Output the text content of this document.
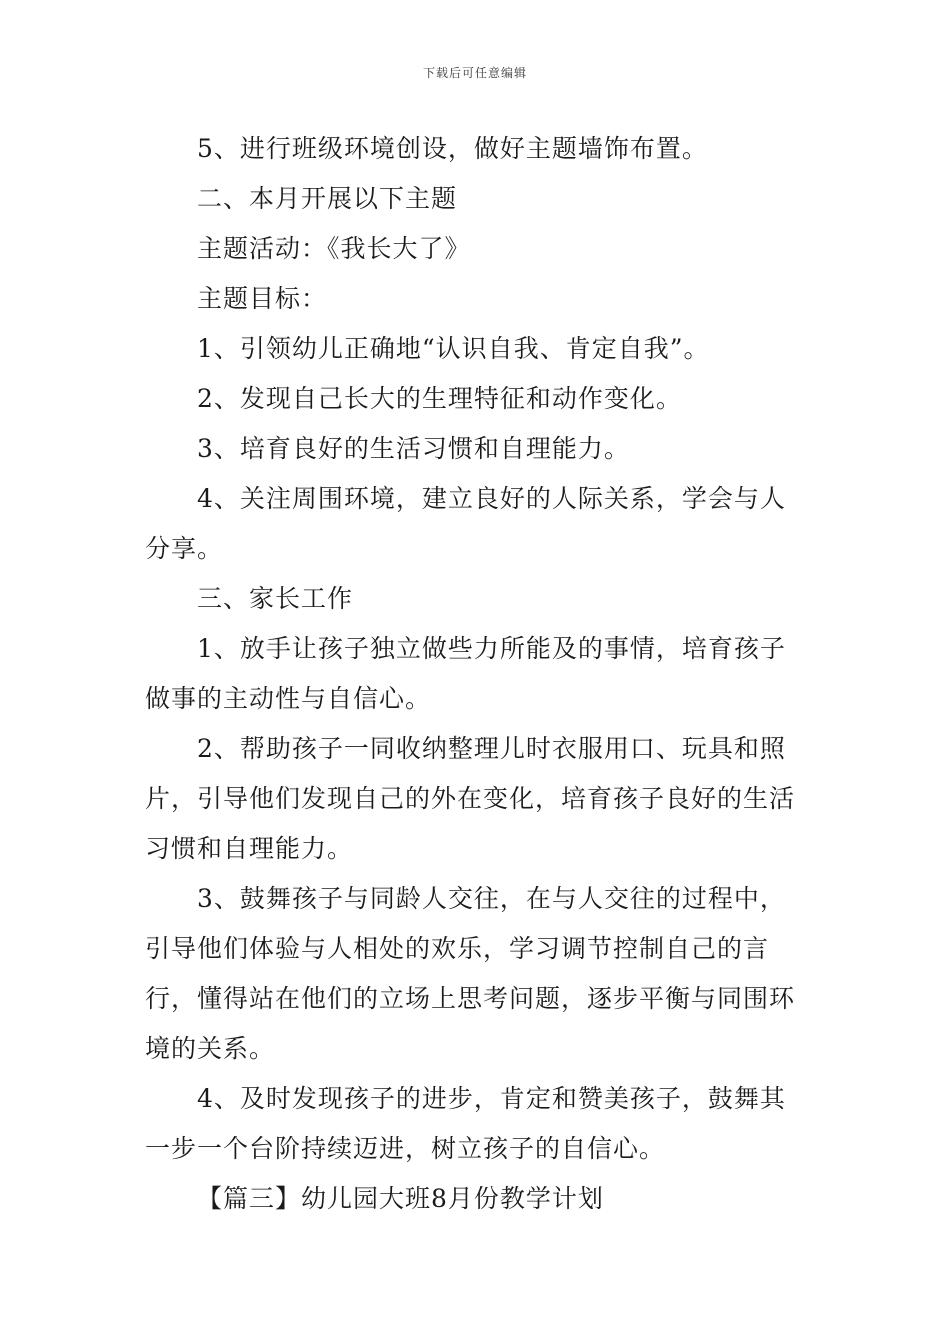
下载后可任意编辑

5、进行班级环境创设，做好主题墙饰布置。

二、本月开展以下主题

主题活动：《我长大了》

主题目标：

1、引领幼儿正确地“认识自我、肯定自我”。

2、发现自己长大的生理特征和动作变化。

3、培育良好的生活习惯和自理能力。

4、关注周围环境，建立良好的人际关系，学会与人分享。

三、家长工作

1、放手让孩子独立做些力所能及的事情，培育孩子做事的主动性与自信心。

2、帮助孩子一同收纳整理儿时衣服用口、玩具和照片，引导他们发现自己的外在变化，培育孩子良好的生活习惯和自理能力。

3、鼓舞孩子与同龄人交往，在与人交往的过程中，引导他们体验与人相处的欢乐，学习调节控制自己的言行，懂得站在他们的立场上思考问题，逐步平衡与同围环境的关系。

4、及时发现孩子的进步，肯定和赞美孩子，鼓舞其一步一个台阶持续迈进，树立孩子的自信心。

【篇三】幼儿园大班8月份教学计划
